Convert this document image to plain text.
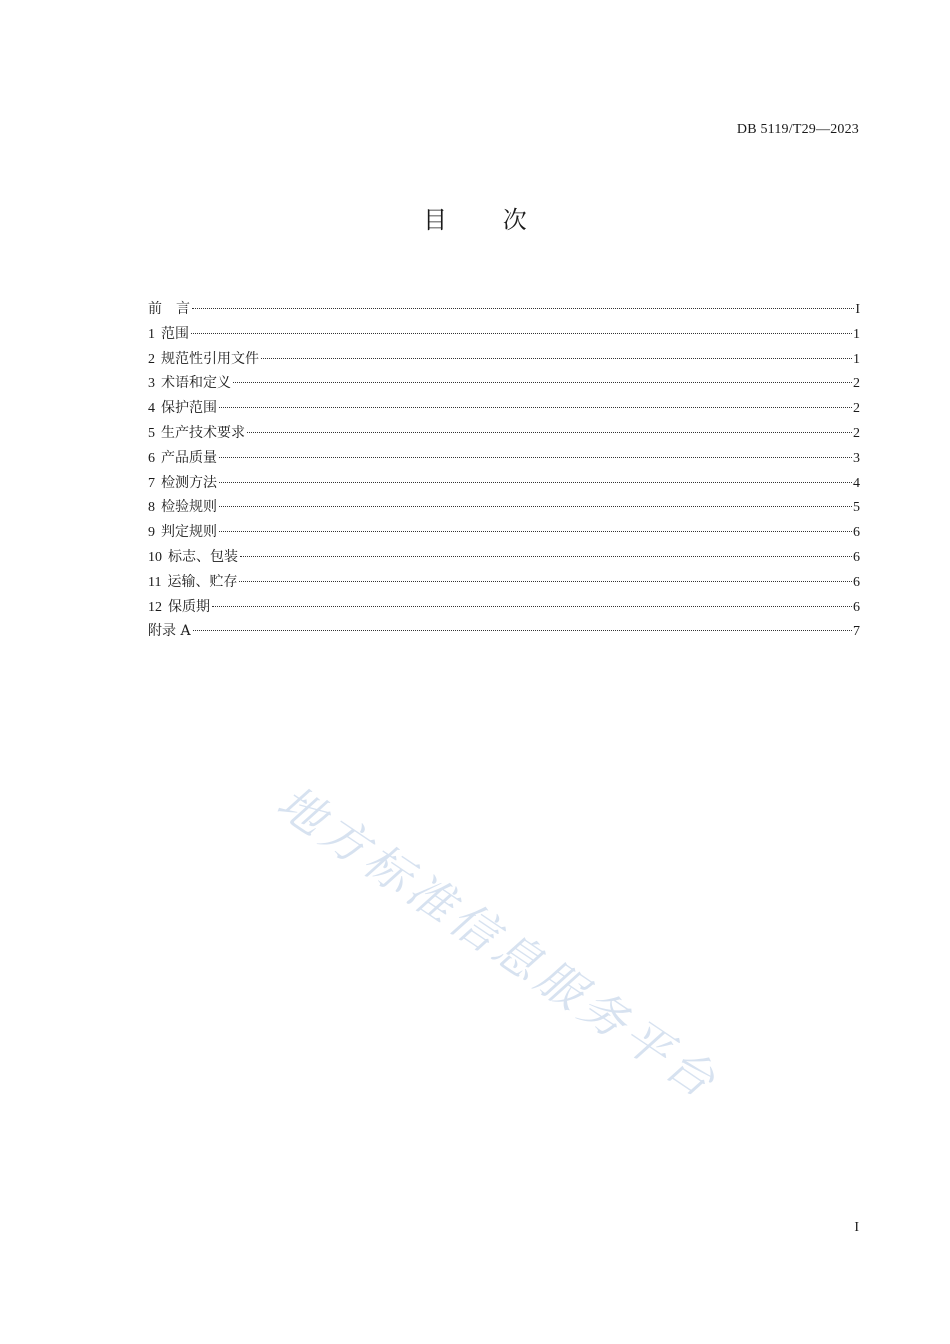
DB 5119/T29—2023
目 次
前　言	I
1 范围	1
2 规范性引用文件	1
3 术语和定义	2
4 保护范围	2
5 生产技术要求	2
6 产品质量	3
7 检测方法	4
8 检验规则	5
9 判定规则	6
10 标志、包装	6
11 运输、贮存	6
12 保质期	6
附录 A	7
地方标准信息服务平台
I
